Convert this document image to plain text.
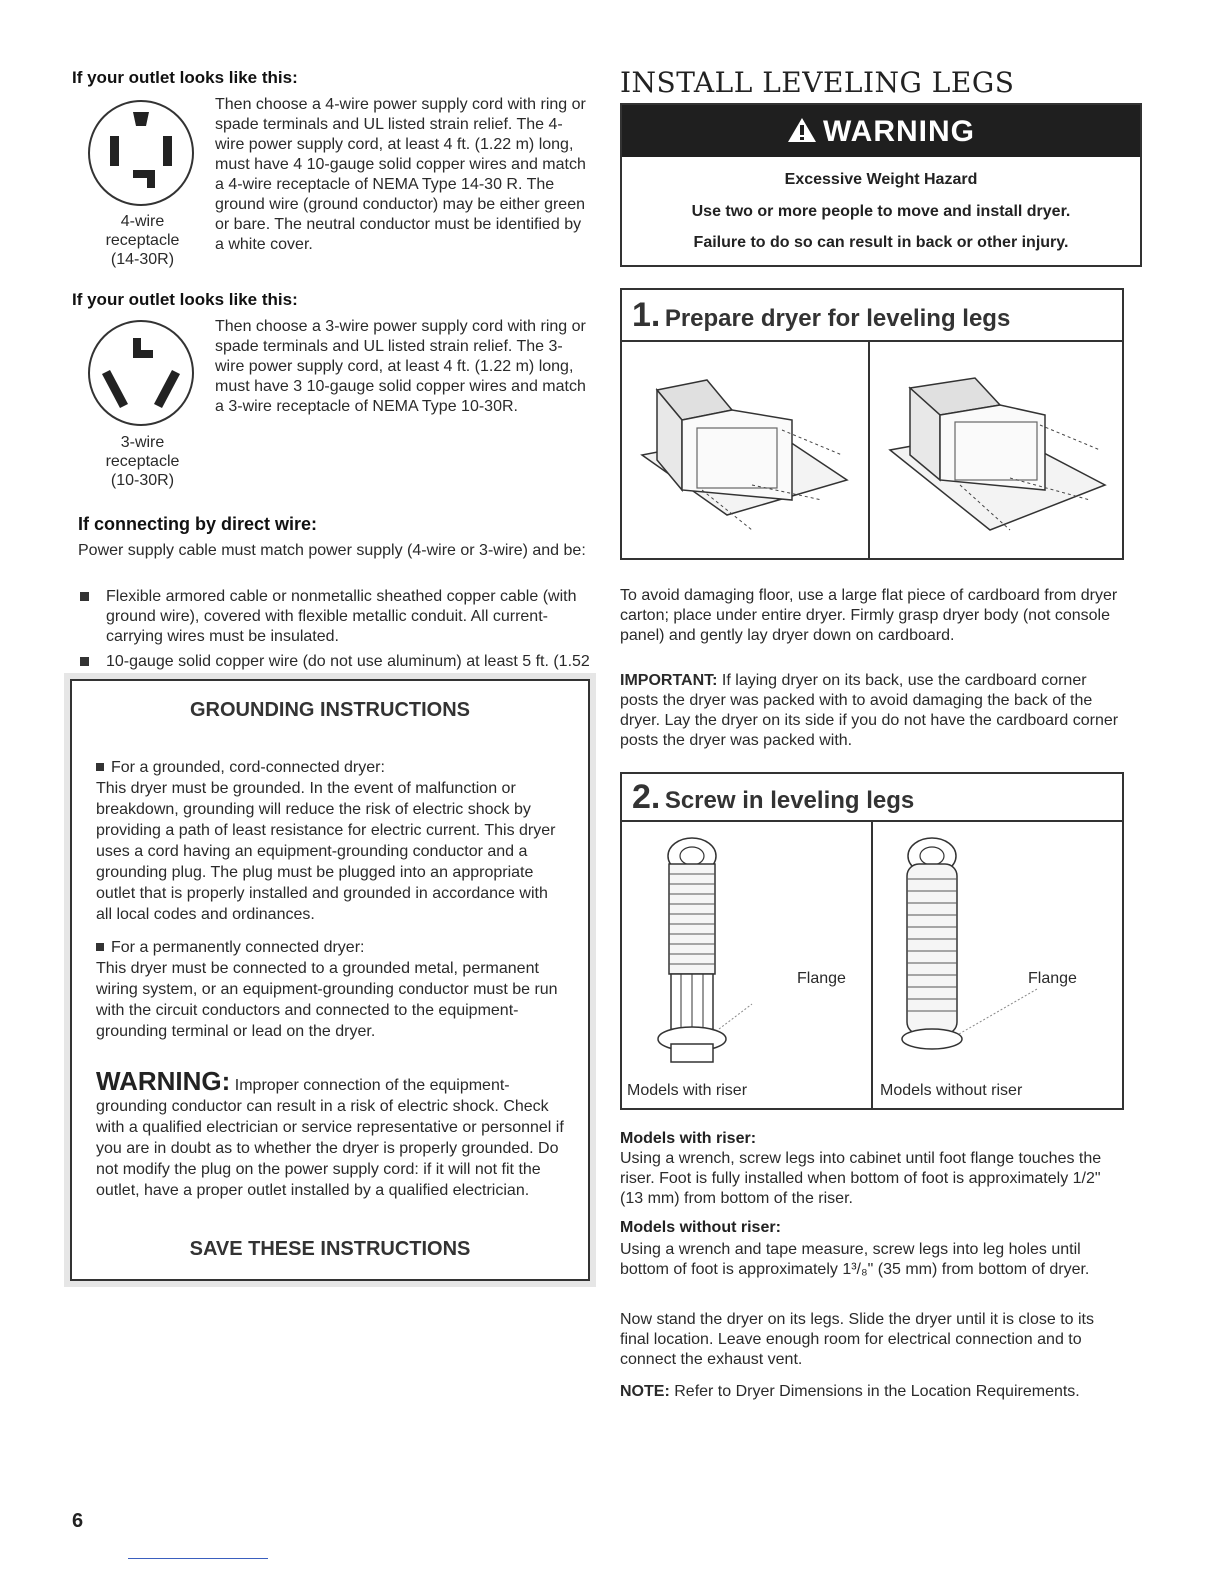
If your outlet looks like this:
4-wire
receptacle
(14-30R)
Then choose a 4-wire power supply cord with ring or spade terminals and UL listed strain relief. The 4-wire power supply cord, at least 4 ft. (1.22 m) long, must have 4 10-gauge solid copper wires and match a 4-wire receptacle of NEMA Type 14-30 R. The ground wire (ground conductor) may be either green or bare. The neutral conductor must be identified by a white cover.
If your outlet looks like this:
3-wire
receptacle
(10-30R)
Then choose a 3-wire power supply cord with ring or spade terminals and UL listed strain relief. The 3-wire power supply cord, at least 4 ft. (1.22 m) long, must have 3 10-gauge solid copper wires and match a 3-wire receptacle of NEMA Type 10-30R.
If connecting by direct wire:
Power supply cable must match power supply (4-wire or 3-wire) and be:
Flexible armored cable or nonmetallic sheathed copper cable (with ground wire), covered with flexible metallic conduit. All current-carrying wires must be insulated.
10-gauge solid copper wire (do not use aluminum) at least 5 ft. (1.52
GROUNDING INSTRUCTIONS
For a grounded, cord-connected dryer:
This dryer must be grounded. In the event of malfunction or breakdown, grounding will reduce the risk of electric shock by providing a path of least resistance for electric current. This dryer uses a cord having an equipment-grounding conductor and a grounding plug. The plug must be plugged into an appropriate outlet that is properly installed and grounded in accordance with all local codes and ordinances.
For a permanently connected dryer:
This dryer must be connected to a grounded metal, permanent wiring system, or an equipment-grounding conductor must be run with the circuit conductors and connected to the equipment-grounding terminal or lead on the dryer.
WARNING: Improper connection of the equipment-grounding conductor can result in a risk of electric shock. Check with a qualified electrician or service representative or personnel if you are in doubt as to whether the dryer is properly grounded. Do not modify the plug on the power supply cord: if it will not fit the outlet, have a proper outlet installed by a qualified electrician.
SAVE THESE INSTRUCTIONS
6
INSTALL LEVELING LEGS
WARNING
Excessive Weight Hazard
Use two or more people to move and install dryer.
Failure to do so can result in back or other injury.
1. Prepare dryer for leveling legs
To avoid damaging floor, use a large flat piece of cardboard from dryer carton; place under entire dryer. Firmly grasp dryer body (not console panel) and gently lay dryer down on cardboard.
IMPORTANT: If laying dryer on its back, use the cardboard corner posts the dryer was packed with to avoid damaging the back of the dryer. Lay the dryer on its side if you do not have the cardboard corner posts the dryer was packed with.
2. Screw in leveling legs
Flange	Flange
Models with riser	Models without riser
Models with riser:
Using a wrench, screw legs into cabinet until foot flange touches the riser. Foot is fully installed when bottom of foot is approximately 1/2" (13 mm) from bottom of the riser.
Models without riser:
Using a wrench and tape measure, screw legs into leg holes until bottom of foot is approximately 1³/₈" (35 mm) from bottom of dryer.
Now stand the dryer on its legs. Slide the dryer until it is close to its final location. Leave enough room for electrical connection and to connect the exhaust vent.
NOTE: Refer to Dryer Dimensions in the Location Requirements.
